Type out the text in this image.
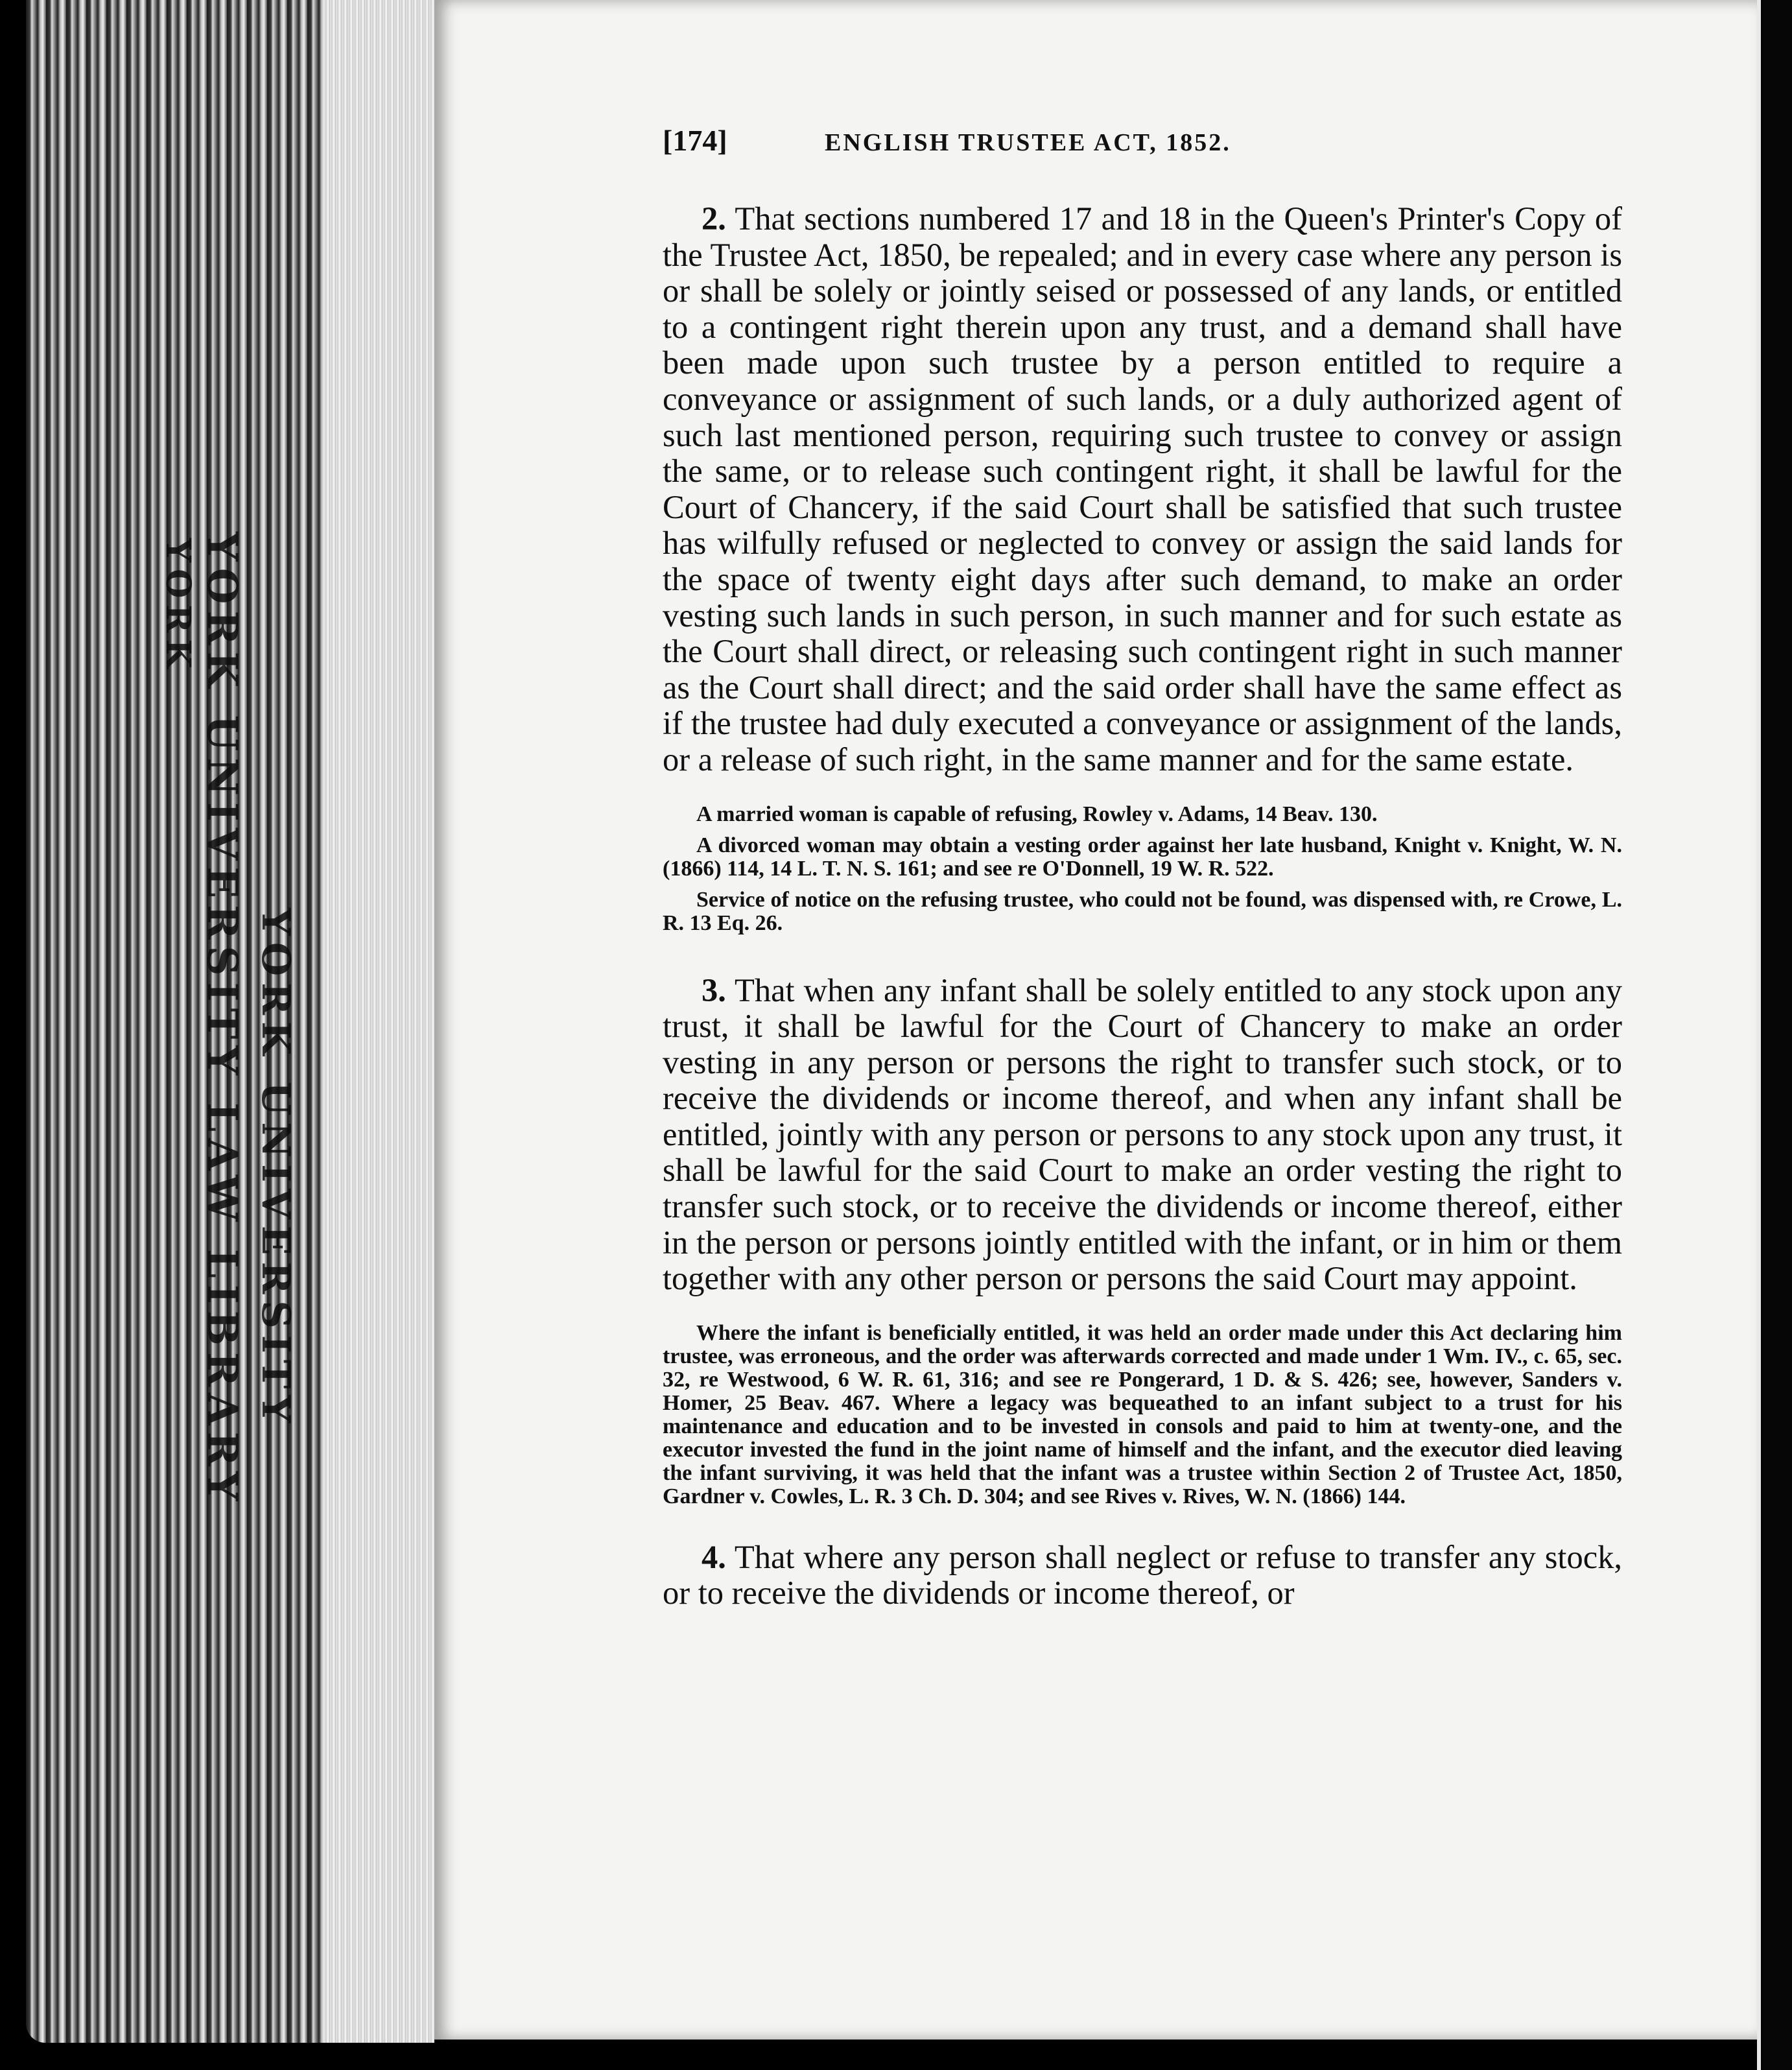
YORK YORK UNIVERSITY LAW LIBRARY YORK UNIVERSITY
[174]	ENGLISH TRUSTEE ACT, 1852.

2. That sections numbered 17 and 18 in the Queen's Printer's Copy of the Trustee Act, 1850, be repealed; and in every case where any person is or shall be solely or jointly seised or possessed of any lands, or entitled to a contingent right therein upon any trust, and a demand shall have been made upon such trustee by a person entitled to require a conveyance or assignment of such lands, or a duly authorized agent of such last mentioned person, requiring such trustee to convey or assign the same, or to release such contingent right, it shall be lawful for the Court of Chancery, if the said Court shall be satisfied that such trustee has wilfully refused or neglected to convey or assign the said lands for the space of twenty eight days after such demand, to make an order vesting such lands in such person, in such manner and for such estate as the Court shall direct, or releasing such contingent right in such manner as the Court shall direct; and the said order shall have the same effect as if the trustee had duly executed a conveyance or assignment of the lands, or a release of such right, in the same manner and for the same estate.

A married woman is capable of refusing, Rowley v. Adams, 14 Beav. 130.

A divorced woman may obtain a vesting order against her late husband, Knight v. Knight, W. N. (1866) 114, 14 L. T. N. S. 161; and see re O'Donnell, 19 W. R. 522.

Service of notice on the refusing trustee, who could not be found, was dispensed with, re Crowe, L. R. 13 Eq. 26.

3. That when any infant shall be solely entitled to any stock upon any trust, it shall be lawful for the Court of Chancery to make an order vesting in any person or persons the right to transfer such stock, or to receive the dividends or income thereof, and when any infant shall be entitled, jointly with any person or persons to any stock upon any trust, it shall be lawful for the said Court to make an order vesting the right to transfer such stock, or to receive the dividends or income thereof, either in the person or persons jointly entitled with the infant, or in him or them together with any other person or persons the said Court may appoint.

Where the infant is beneficially entitled, it was held an order made under this Act declaring him trustee, was erroneous, and the order was afterwards corrected and made under 1 Wm. IV., c. 65, sec. 32, re Westwood, 6 W. R. 61, 316; and see re Pongerard, 1 D. & S. 426; see, however, Sanders v. Homer, 25 Beav. 467. Where a legacy was bequeathed to an infant subject to a trust for his maintenance and education and to be invested in consols and paid to him at twenty-one, and the executor invested the fund in the joint name of himself and the infant, and the executor died leaving the infant surviving, it was held that the infant was a trustee within Section 2 of Trustee Act, 1850, Gardner v. Cowles, L. R. 3 Ch. D. 304; and see Rives v. Rives, W. N. (1866) 144.

4. That where any person shall neglect or refuse to transfer any stock, or to receive the dividends or income thereof, or
